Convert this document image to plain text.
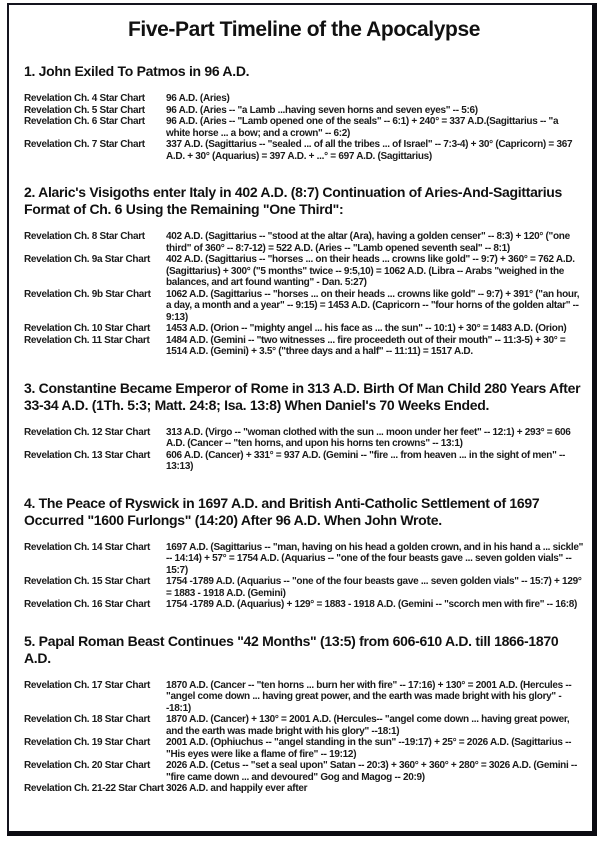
Five-Part Timeline of the Apocalypse
1. John Exiled To Patmos in 96 A.D.
Revelation Ch. 4 Star Chart	96 A.D. (Aries)
Revelation Ch. 5 Star Chart	96 A.D. (Aries -- "a Lamb ...having seven horns and seven eyes" -- 5:6)
Revelation Ch. 6 Star Chart	96 A.D. (Aries -- "Lamb opened one of the seals" -- 6:1) + 240° = 337 A.D.(Sagittarius -- "a white horse ... a bow; and a crown" -- 6:2)
Revelation Ch. 7 Star Chart	337 A.D. (Sagittarius -- "sealed ... of all the tribes ... of Israel" -- 7:3-4) + 30° (Capricorn) = 367 A.D. + 30° (Aquarius) = 397 A.D. + ...° = 697 A.D. (Sagittarius)
2. Alaric's Visigoths enter Italy in 402 A.D. (8:7) Continuation of Aries-And-Sagittarius Format of Ch. 6 Using the Remaining "One Third":
Revelation Ch. 8 Star Chart	402 A.D. (Sagittarius -- "stood at the altar (Ara), having a golden censer" -- 8:3) + 120° ("one third" of 360° -- 8:7-12) = 522 A.D. (Aries -- "Lamb opened seventh seal" -- 8:1)
Revelation Ch. 9a Star Chart	402 A.D. (Sagittarius -- "horses ... on their heads ... crowns like gold" -- 9:7) + 360° = 762 A.D. (Sagittarius) + 300° ("5 months" twice -- 9:5,10) = 1062 A.D. (Libra -- Arabs "weighed in the balances, and art found wanting" - Dan. 5:27)
Revelation Ch. 9b Star Chart	1062 A.D. (Sagittarius -- "horses ... on their heads ... crowns like gold" -- 9:7) + 391° ("an hour, a day, a month and a year" -- 9:15) = 1453 A.D. (Capricorn -- "four horns of the golden altar" -- 9:13)
Revelation Ch. 10 Star Chart	1453 A.D. (Orion -- "mighty angel ... his face as ... the sun" -- 10:1) + 30° = 1483 A.D. (Orion)
Revelation Ch. 11 Star Chart	1484 A.D. (Gemini -- "two witnesses ... fire proceedeth out of their mouth" -- 11:3-5) + 30° = 1514 A.D. (Gemini) + 3.5° ("three days and a half" -- 11:11) = 1517 A.D.
3. Constantine Became Emperor of Rome in 313 A.D. Birth Of Man Child 280 Years After 33-34 A.D. (1Th. 5:3; Matt. 24:8; Isa. 13:8) When Daniel's 70 Weeks Ended.
Revelation Ch. 12 Star Chart	313 A.D. (Virgo -- "woman clothed with the sun ... moon under her feet" -- 12:1) + 293° = 606 A.D. (Cancer -- "ten horns, and upon his horns ten crowns" -- 13:1)
Revelation Ch. 13 Star Chart	606 A.D. (Cancer) + 331° = 937 A.D. (Gemini -- "fire ... from heaven ... in the sight of men" -- 13:13)
4. The Peace of Ryswick in 1697 A.D. and British Anti-Catholic Settlement of 1697 Occurred "1600 Furlongs" (14:20) After 96 A.D. When John Wrote.
Revelation Ch. 14 Star Chart	1697 A.D. (Sagittarius -- "man, having on his head a golden crown, and in his hand a ... sickle" -- 14:14) + 57° = 1754 A.D. (Aquarius -- "one of the four beasts gave ... seven golden vials" -- 15:7)
Revelation Ch. 15 Star Chart	1754 -1789 A.D. (Aquarius -- "one of the four beasts gave ... seven golden vials" -- 15:7) + 129° = 1883 - 1918 A.D. (Gemini)
Revelation Ch. 16 Star Chart	1754 -1789 A.D. (Aquarius) + 129° = 1883 - 1918 A.D. (Gemini -- "scorch men with fire" -- 16:8)
5. Papal Roman Beast Continues "42 Months" (13:5) from 606-610 A.D. till 1866-1870 A.D.
Revelation Ch. 17 Star Chart	1870 A.D. (Cancer -- "ten horns ... burn her with fire" -- 17:16) + 130° = 2001 A.D. (Hercules -- "angel come down ... having great power, and the earth was made bright with his glory" --18:1)
Revelation Ch. 18 Star Chart	1870 A.D. (Cancer) + 130° = 2001 A.D. (Hercules-- "angel come down ... having great power, and the earth was made bright with his glory" --18:1)
Revelation Ch. 19 Star Chart	2001 A.D. (Ophiuchus -- "angel standing in the sun" --19:17) + 25° = 2026 A.D. (Sagittarius -- "His eyes were like a flame of fire" -- 19:12)
Revelation Ch. 20 Star Chart	2026 A.D. (Cetus -- "set a seal upon" Satan -- 20:3) + 360° + 360° + 280° = 3026 A.D. (Gemini -- "fire came down ... and devoured" Gog and Magog -- 20:9)
Revelation Ch. 21-22 Star Chart 3026 A.D. and happily ever after
